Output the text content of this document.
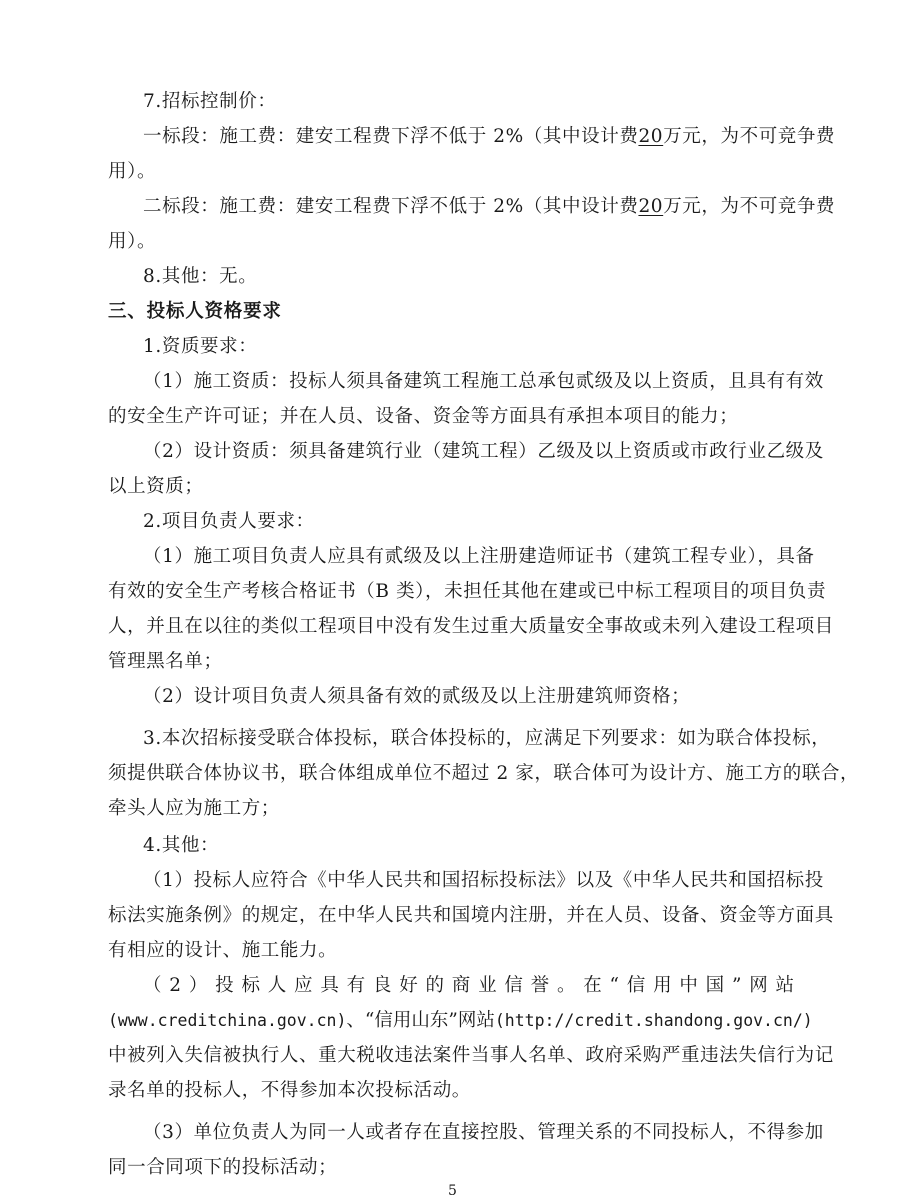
7.招标控制价：
一标段：施工费：建安工程费下浮不低于 2%（其中设计费20万元，为不可竞争费
用）。
二标段：施工费：建安工程费下浮不低于 2%（其中设计费20万元，为不可竞争费
用）。
8.其他：无。
三、投标人资格要求
1.资质要求：
（1）施工资质：投标人须具备建筑工程施工总承包贰级及以上资质，且具有有效
的安全生产许可证；并在人员、设备、资金等方面具有承担本项目的能力；
（2）设计资质：须具备建筑行业（建筑工程）乙级及以上资质或市政行业乙级及
以上资质；
2.项目负责人要求：
（1）施工项目负责人应具有贰级及以上注册建造师证书（建筑工程专业），具备
有效的安全生产考核合格证书（B 类），未担任其他在建或已中标工程项目的项目负责
人，并且在以往的类似工程项目中没有发生过重大质量安全事故或未列入建设工程项目
管理黑名单；
（2）设计项目负责人须具备有效的贰级及以上注册建筑师资格；
3.本次招标接受联合体投标，联合体投标的，应满足下列要求：如为联合体投标，
须提供联合体协议书，联合体组成单位不超过 2 家，联合体可为设计方、施工方的联合，
牵头人应为施工方；
4.其他：
（1）投标人应符合《中华人民共和国招标投标法》以及《中华人民共和国招标投
标法实施条例》的规定，在中华人民共和国境内注册，并在人员、设备、资金等方面具
有相应的设计、施工能力。
（2）投标人应具有良好的商业信誉。在“信用中国”网站
(www.creditchina.gov.cn) 、“信用山东”网站 (http://credit.shandong.gov.cn/)
中被列入失信被执行人、重大税收违法案件当事人名单、政府采购严重违法失信行为记
录名单的投标人，不得参加本次投标活动。
（3）单位负责人为同一人或者存在直接控股、管理关系的不同投标人，不得参加
同一合同项下的投标活动；
5
